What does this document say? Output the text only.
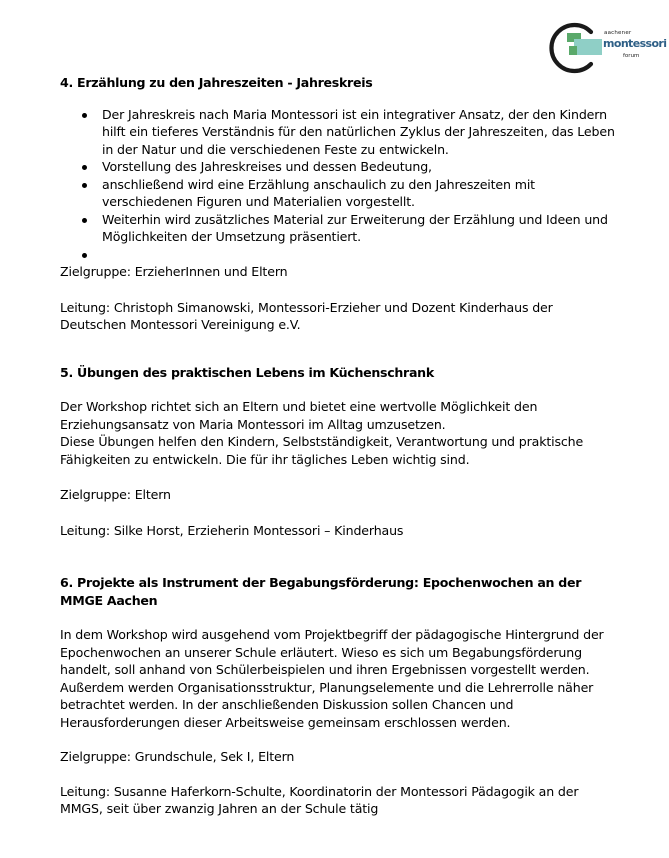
aachener
montessori
forum

4. Erzählung zu den Jahreszeiten - Jahreskreis

Der Jahreskreis nach Maria Montessori ist ein integrativer Ansatz, der den Kindern hilft ein tieferes Verständnis für den natürlichen Zyklus der Jahreszeiten, das Leben in der Natur und die verschiedenen Feste zu entwickeln.
Vorstellung des Jahreskreises und dessen Bedeutung,
anschließend wird eine Erzählung anschaulich zu den Jahreszeiten mit verschiedenen Figuren und Materialien vorgestellt.
Weiterhin wird zusätzliches Material zur Erweiterung der Erzählung und Ideen und Möglichkeiten der Umsetzung präsentiert.

Zielgruppe: ErzieherInnen und Eltern

Leitung: Christoph Simanowski, Montessori-Erzieher und Dozent Kinderhaus der Deutschen Montessori Vereinigung e.V.

5. Übungen des praktischen Lebens im Küchenschrank

Der Workshop richtet sich an Eltern und bietet eine wertvolle Möglichkeit den Erziehungsansatz von Maria Montessori im Alltag umzusetzen.

Diese Übungen helfen den Kindern, Selbstständigkeit, Verantwortung und praktische Fähigkeiten zu entwickeln. Die für ihr tägliches Leben wichtig sind.

Zielgruppe: Eltern

Leitung: Silke Horst, Erzieherin Montessori – Kinderhaus

6. Projekte als Instrument der Begabungsförderung: Epochenwochen an der MMGE Aachen

In dem Workshop wird ausgehend vom Projektbegriff der pädagogische Hintergrund der Epochenwochen an unserer Schule erläutert. Wieso es sich um Begabungsförderung handelt, soll anhand von Schülerbeispielen und ihren Ergebnissen vorgestellt werden. Außerdem werden Organisationsstruktur, Planungselemente und die Lehrerrolle näher betrachtet werden. In der anschließenden Diskussion sollen Chancen und Herausforderungen dieser Arbeitsweise gemeinsam erschlossen werden.

Zielgruppe: Grundschule, Sek I, Eltern

Leitung: Susanne Haferkorn-Schulte, Koordinatorin der Montessori Pädagogik an der MMGS, seit über zwanzig Jahren an der Schule tätig
